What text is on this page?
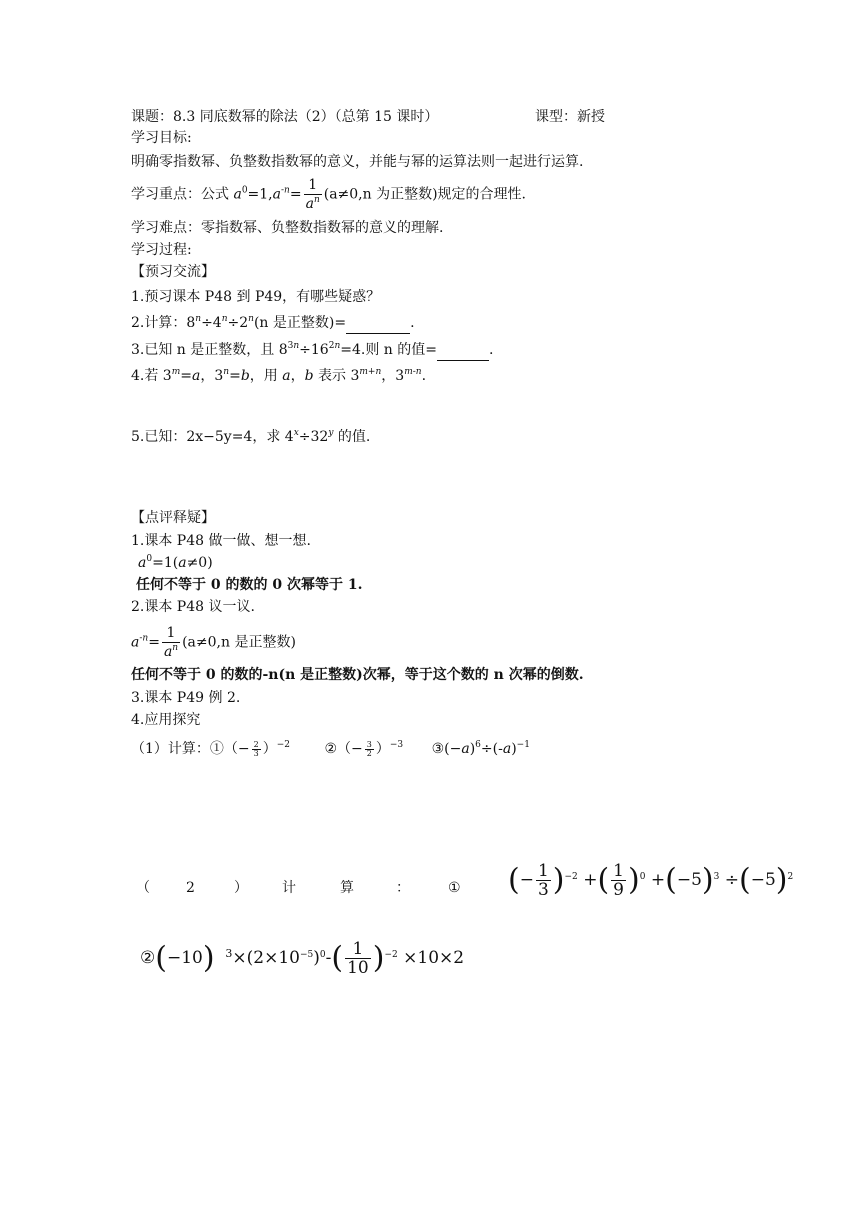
课题：8.3 同底数幂的除法（2）（总第 15 课时）	课型：新授
学习目标:
明确零指数幂、负整数指数幂的意义，并能与幂的运算法则一起进行运算.
学习重点：公式 $a^0=1,a^{-n}= \frac{1}{a^n} (a\ne 0,n$ 为正整数)规定的合理性.
学习难点：零指数幂、负整数指数幂的意义的理解.
学习过程:
【预习交流】
1.预习课本 P48 到 P49，有哪些疑惑？
2.计算：$8^n\div 4^n\div 2^n(n$ 是正整数)=	.
3.已知 n 是正整数，且 $8^{3n}\div 16^{2n}=4$.则 n 的值=	.
4.若 $3^m=a$，$3^n=b$，用 a，b 表示 $3^{m+n}$，3$^{m-n}$.
5.已知：2x−5y=4，求 $4^x\div 32^y$ 的值.
【点评释疑】
1.课本 P48 做一做、想一想.
$a^0=1(a\ne 0)$
任何不等于 0 的数的 0 次幂等于 1.
2.课本 P48 议一议.
$a^{-n}= \frac{1}{a^n} (a\ne 0,n$ 是正整数)
任何不等于 0 的数的-n(n 是正整数)次幂，等于这个数的 n 次幂的倒数.
3.课本 P49 例 2.
4.应用探究
（1）计算：①（− $\frac{2}{3} )^{-2}$ ②（− $\frac{3}{2} )^{-3}$ $③(-a)^6\div(-a)^{-1}$
（	2	） 计	算	：	① (− $\frac{1}{3} )^{-2}$ +( $\frac{1}{9} )^0 +(-5)^3 \div(-5)^2$
②(−10) $^3\times(2\times 10^{-5})^0-( \frac{1}{10} )^{-2} \times 10\times 2$
